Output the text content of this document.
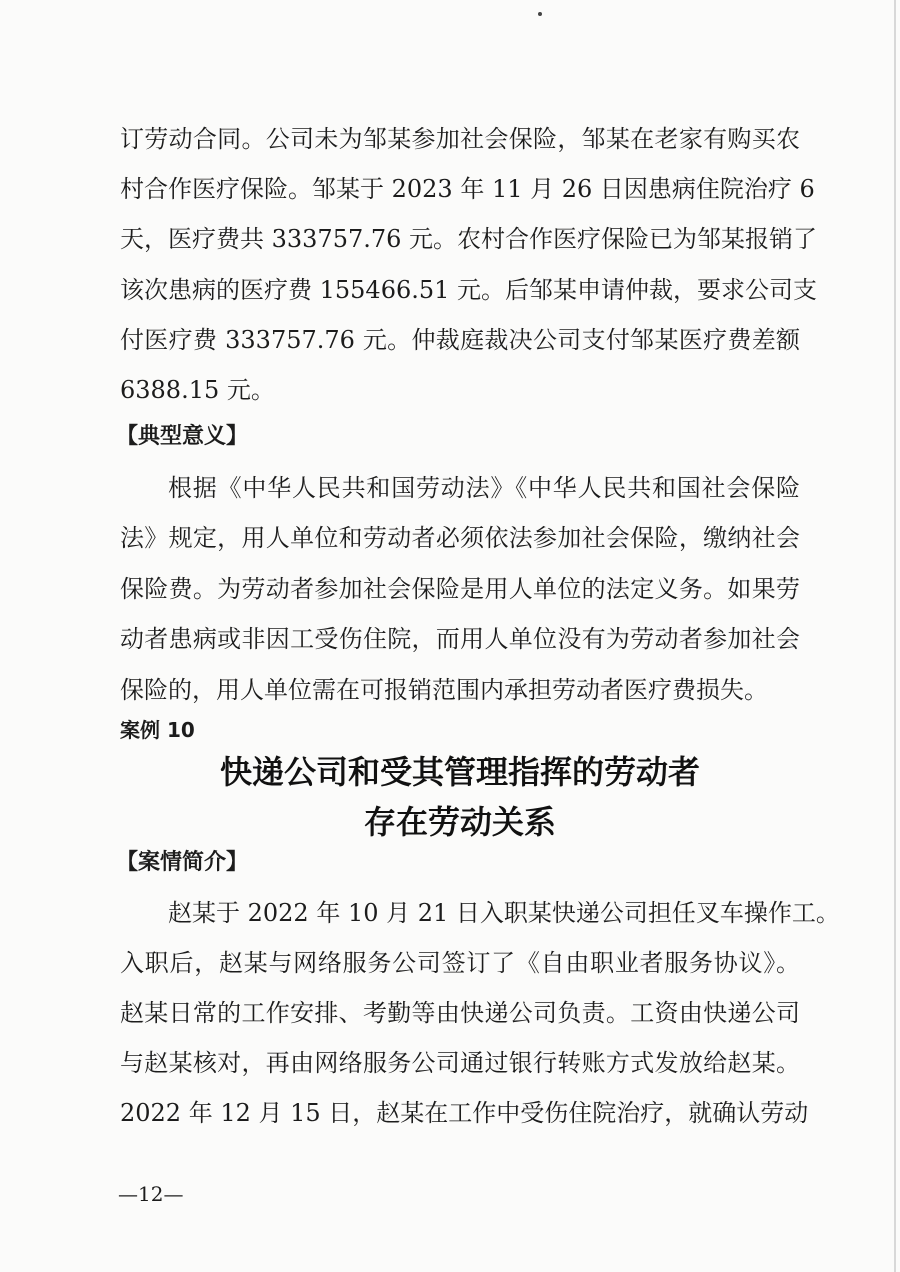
订劳动合同。公司未为邹某参加社会保险，邹某在老家有购买农
村合作医疗保险。邹某于 2023 年 11 月 26 日因患病住院治疗 6
天，医疗费共 333757.76 元。农村合作医疗保险已为邹某报销了
该次患病的医疗费 155466.51 元。后邹某申请仲裁，要求公司支
付医疗费 333757.76 元。仲裁庭裁决公司支付邹某医疗费差额
6388.15 元。
【典型意义】
根据《中华人民共和国劳动法》《中华人民共和国社会保险
法》规定，用人单位和劳动者必须依法参加社会保险，缴纳社会
保险费。为劳动者参加社会保险是用人单位的法定义务。如果劳
动者患病或非因工受伤住院，而用人单位没有为劳动者参加社会
保险的，用人单位需在可报销范围内承担劳动者医疗费损失。
案例 10
快递公司和受其管理指挥的劳动者
存在劳动关系
【案情简介】
赵某于 2022 年 10 月 21 日入职某快递公司担任叉车操作工。
入职后，赵某与网络服务公司签订了《自由职业者服务协议》。
赵某日常的工作安排、考勤等由快递公司负责。工资由快递公司
与赵某核对，再由网络服务公司通过银行转账方式发放给赵某。
2022 年 12 月 15 日，赵某在工作中受伤住院治疗，就确认劳动
—12—
